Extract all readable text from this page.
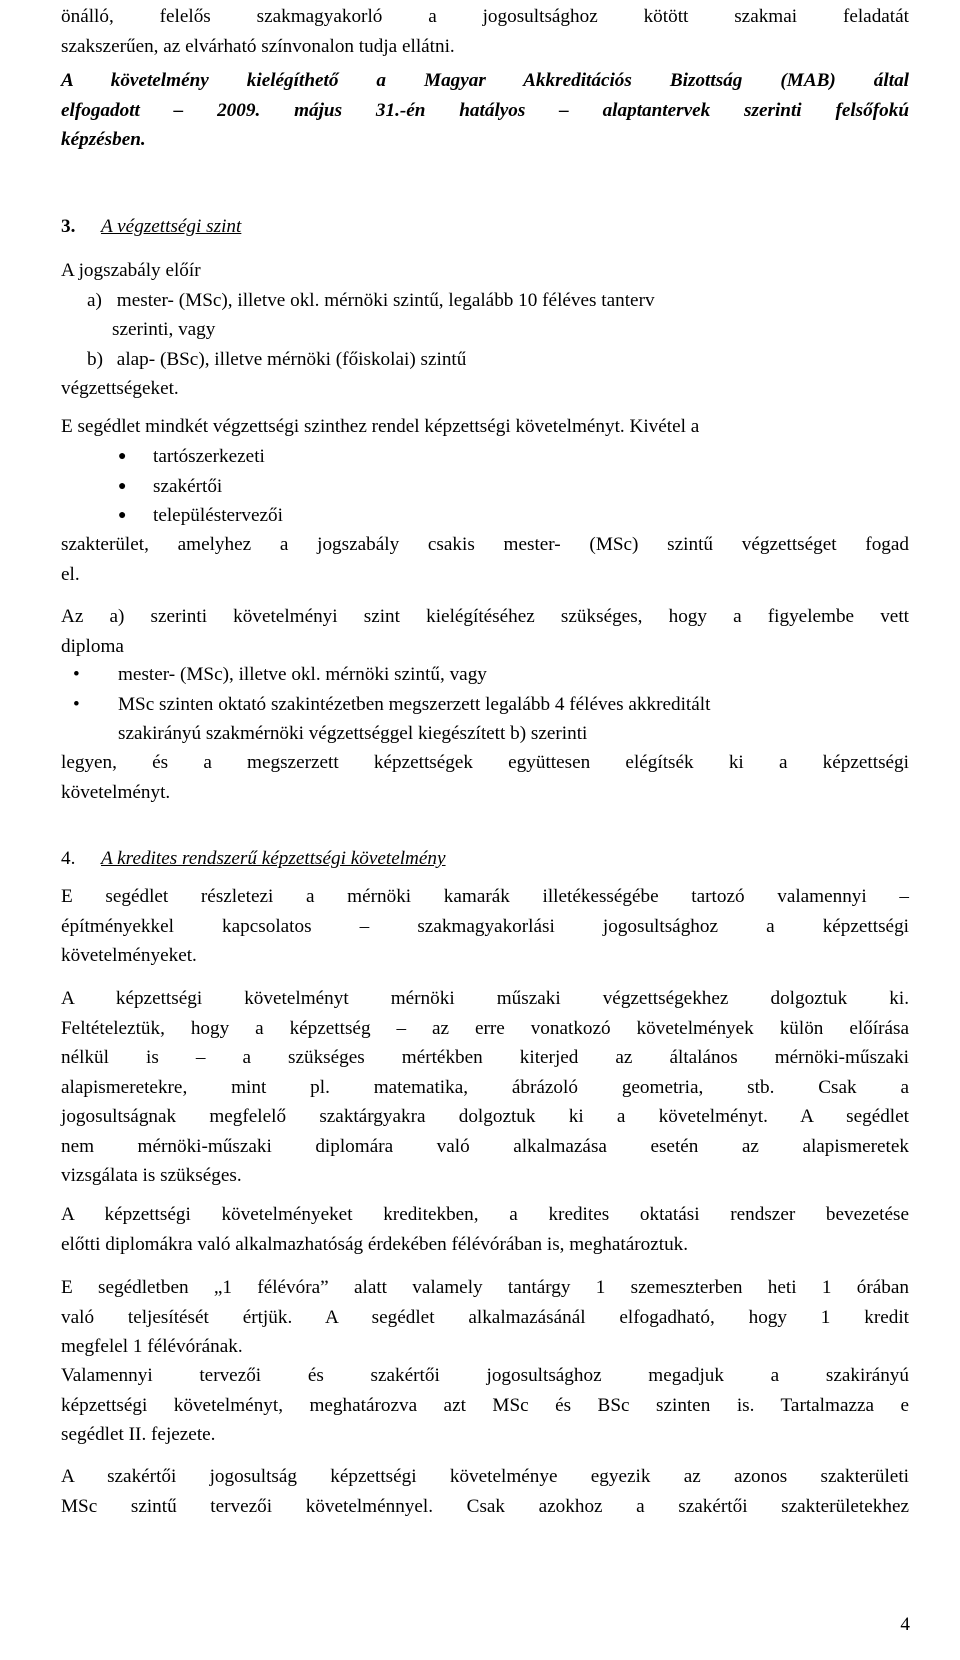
önálló, felelős szakmagyakorló a jogosultsághoz kötött szakmai feladatát

szakszerűen, az elvárható színvonalon tudja ellátni.

A követelmény kielégíthető a Magyar Akkreditációs Bizottság (MAB) által

elfogadott – 2009. május 31.-én hatályos – alaptantervek szerinti felsőfokú

képzésben.

3. A végzettségi szint

A jogszabály előír

a) mester- (MSc), illetve okl. mérnöki szintű, legalább 10 féléves tanterv

szerinti, vagy

b) alap- (BSc), illetve mérnöki (főiskolai) szintű

végzettségeket.

E segédlet mindkét végzettségi szinthez rendel képzettségi követelményt. Kivétel a

● tartószerkezeti
● szakértői
● településtervezői

szakterület, amelyhez a jogszabály csakis mester- (MSc) szintű végzettséget fogad

el.

Az a) szerinti követelményi szint kielégítéséhez szükséges, hogy a figyelembe vett

diploma

• mester- (MSc), illetve okl. mérnöki szintű, vagy
• MSc szinten oktató szakintézetben megszerzett legalább 4 féléves akkreditált
szakirányú szakmérnöki végzettséggel kiegészített b) szerinti

legyen, és a megszerzett képzettségek együttesen elégítsék ki a képzettségi

követelményt.

4. A kredites rendszerű képzettségi követelmény

E segédlet részletezi a mérnöki kamarák illetékességébe tartozó valamennyi –

építményekkel kapcsolatos – szakmagyakorlási jogosultsághoz a képzettségi

követelményeket.

A képzettségi követelményt mérnöki műszaki végzettségekhez dolgoztuk ki.

Feltételeztük, hogy a képzettség – az erre vonatkozó követelmények külön előírása

nélkül is – a szükséges mértékben kiterjed az általános mérnöki-műszaki

alapismeretekre, mint pl. matematika, ábrázoló geometria, stb. Csak a

jogosultságnak megfelelő szaktárgyakra dolgoztuk ki a követelményt. A segédlet

nem mérnöki-műszaki diplomára való alkalmazása esetén az alapismeretek

vizsgálata is szükséges.

A képzettségi követelményeket kreditekben, a kredites oktatási rendszer bevezetése

előtti diplomákra való alkalmazhatóság érdekében félévórában is, meghatároztuk.

E segédletben „1 félévóra” alatt valamely tantárgy 1 szemeszterben heti 1 órában

való teljesítését értjük. A segédlet alkalmazásánál elfogadható, hogy 1 kredit

megfelel 1 félévórának.

Valamennyi tervezői és szakértői jogosultsághoz megadjuk a szakirányú

képzettségi követelményt, meghatározva azt MSc és BSc szinten is. Tartalmazza e

segédlet II. fejezete.

A szakértői jogosultság képzettségi követelménye egyezik az azonos szakterületi

MSc szintű tervezői követelménnyel. Csak azokhoz a szakértői szakterületekhez

4
